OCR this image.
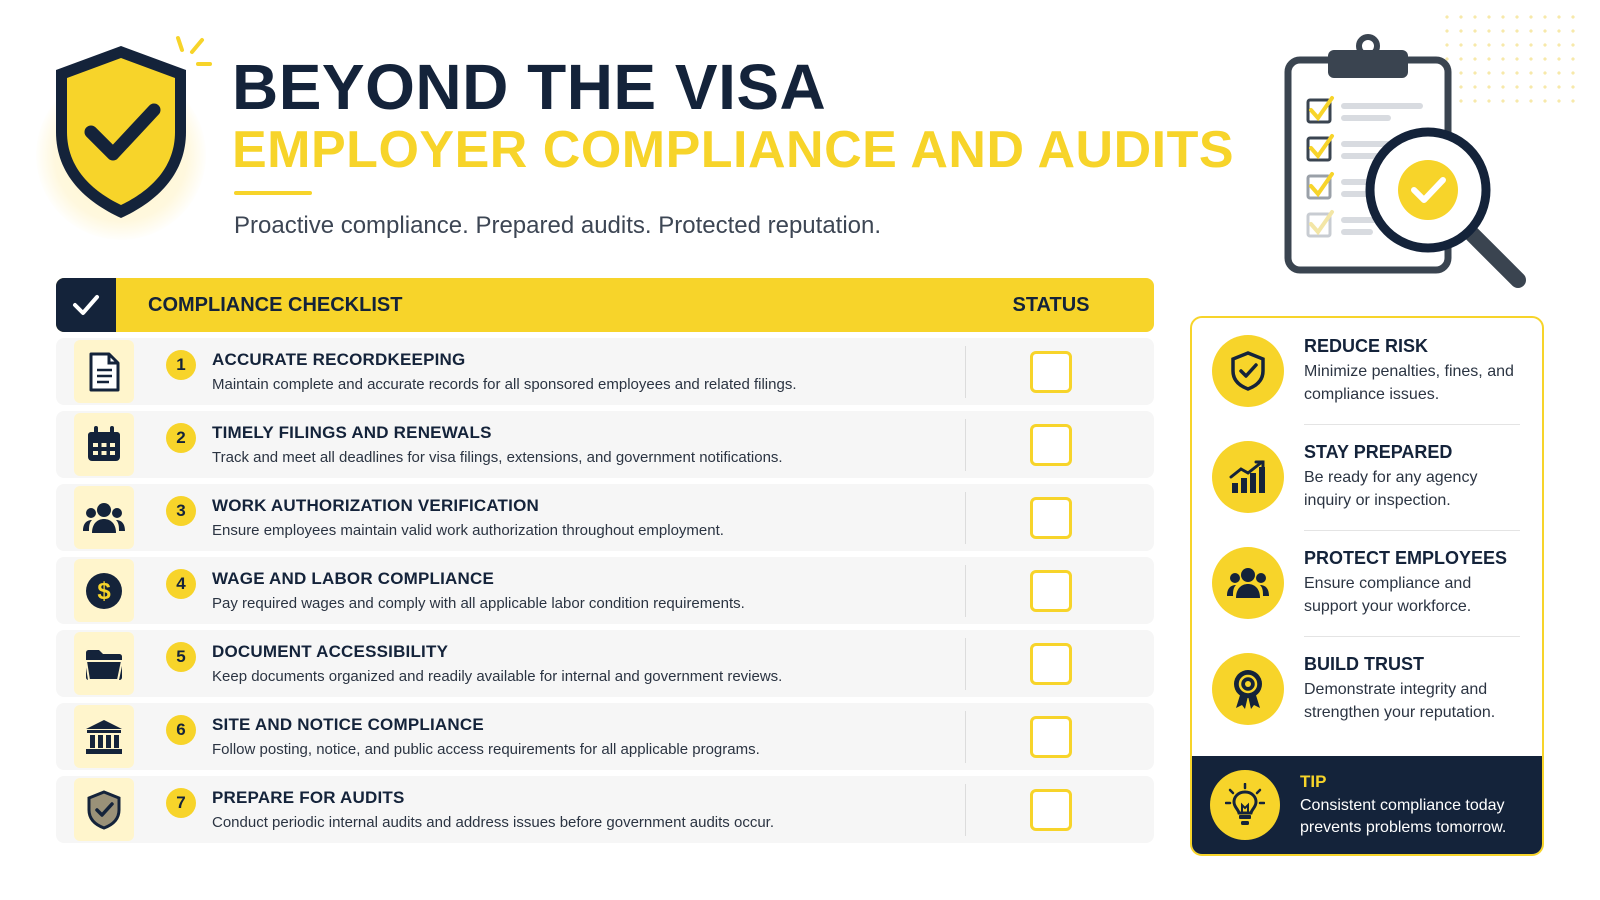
BEYOND THE VISA
EMPLOYER COMPLIANCE AND AUDITS
Proactive compliance. Prepared audits. Protected reputation.
COMPLIANCE CHECKLIST	STATUS
1	ACCURATE RECORDKEEPING
Maintain complete and accurate records for all sponsored employees and related filings.
2	TIMELY FILINGS AND RENEWALS
Track and meet all deadlines for visa filings, extensions, and government notifications.
3	WORK AUTHORIZATION VERIFICATION
Ensure employees maintain valid work authorization throughout employment.
$	4	WAGE AND LABOR COMPLIANCE
Pay required wages and comply with all applicable labor condition requirements.
5	DOCUMENT ACCESSIBILITY
Keep documents organized and readily available for internal and government reviews.
6	SITE AND NOTICE COMPLIANCE
Follow posting, notice, and public access requirements for all applicable programs.
7	PREPARE FOR AUDITS
Conduct periodic internal audits and address issues before government audits occur.
REDUCE RISK
Minimize penalties, fines, and compliance issues.
STAY PREPARED
Be ready for any agency inquiry or inspection.
PROTECT EMPLOYEES
Ensure compliance and support your workforce.
BUILD TRUST
Demonstrate integrity and strengthen your reputation.
TIP
Consistent compliance today prevents problems tomorrow.
